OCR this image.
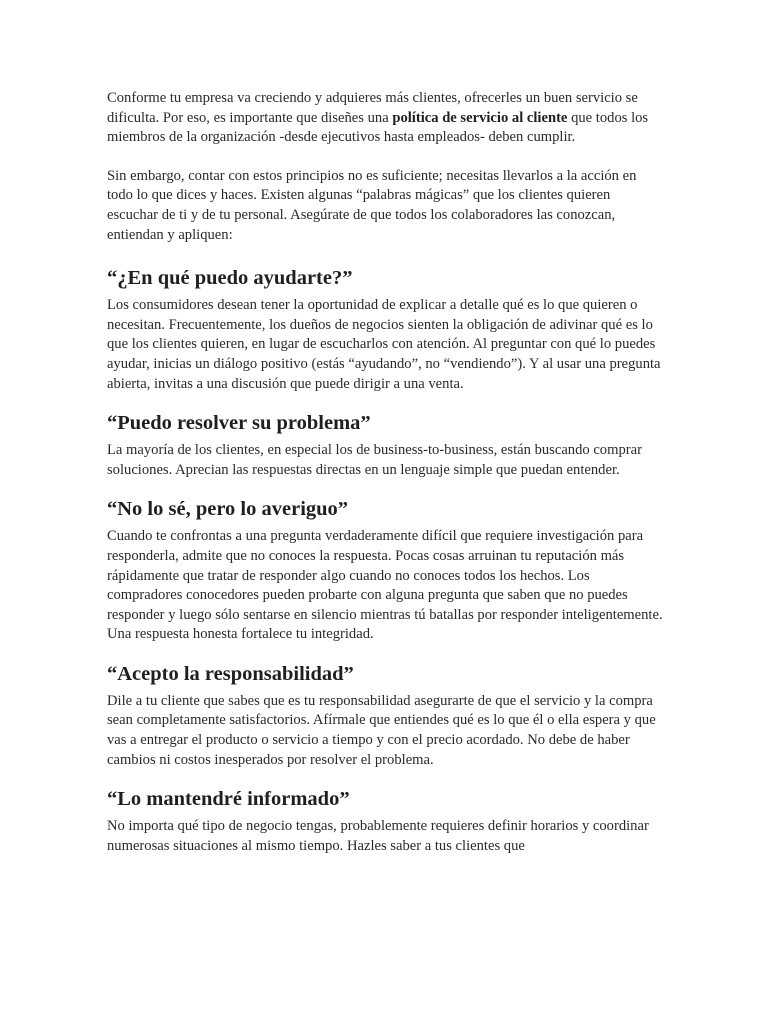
Conforme tu empresa va creciendo y adquieres más clientes, ofrecerles un buen servicio se dificulta. Por eso, es importante que diseñes una política de servicio al cliente que todos los miembros de la organización -desde ejecutivos hasta empleados- deben cumplir.

Sin embargo, contar con estos principios no es suficiente; necesitas llevarlos a la acción en todo lo que dices y haces. Existen algunas “palabras mágicas” que los clientes quieren escuchar de ti y de tu personal. Asegúrate de que todos los colaboradores las conozcan, entiendan y apliquen:

“¿En qué puedo ayudarte?”

Los consumidores desean tener la oportunidad de explicar a detalle qué es lo que quieren o necesitan. Frecuentemente, los dueños de negocios sienten la obligación de adivinar qué es lo que los clientes quieren, en lugar de escucharlos con atención. Al preguntar con qué lo puedes ayudar, inicias un diálogo positivo (estás “ayudando”, no “vendiendo”). Y al usar una pregunta abierta, invitas a una discusión que puede dirigir a una venta.

“Puedo resolver su problema”

La mayoría de los clientes, en especial los de business-to-business, están buscando comprar soluciones. Aprecian las respuestas directas en un lenguaje simple que puedan entender.

“No lo sé, pero lo averiguo”

Cuando te confrontas a una pregunta verdaderamente difícil que requiere investigación para responderla, admite que no conoces la respuesta. Pocas cosas arruinan tu reputación más rápidamente que tratar de responder algo cuando no conoces todos los hechos. Los compradores conocedores pueden probarte con alguna pregunta que saben que no puedes responder y luego sólo sentarse en silencio mientras tú batallas por responder inteligentemente. Una respuesta honesta fortalece tu integridad.

“Acepto la responsabilidad”

Dile a tu cliente que sabes que es tu responsabilidad asegurarte de que el servicio y la compra sean completamente satisfactorios. Afírmale que entiendes qué es lo que él o ella espera y que vas a entregar el producto o servicio a tiempo y con el precio acordado. No debe de haber cambios ni costos inesperados por resolver el problema.

“Lo mantendré informado”

No importa qué tipo de negocio tengas, probablemente requieres definir horarios y coordinar numerosas situaciones al mismo tiempo. Hazles saber a tus clientes que
